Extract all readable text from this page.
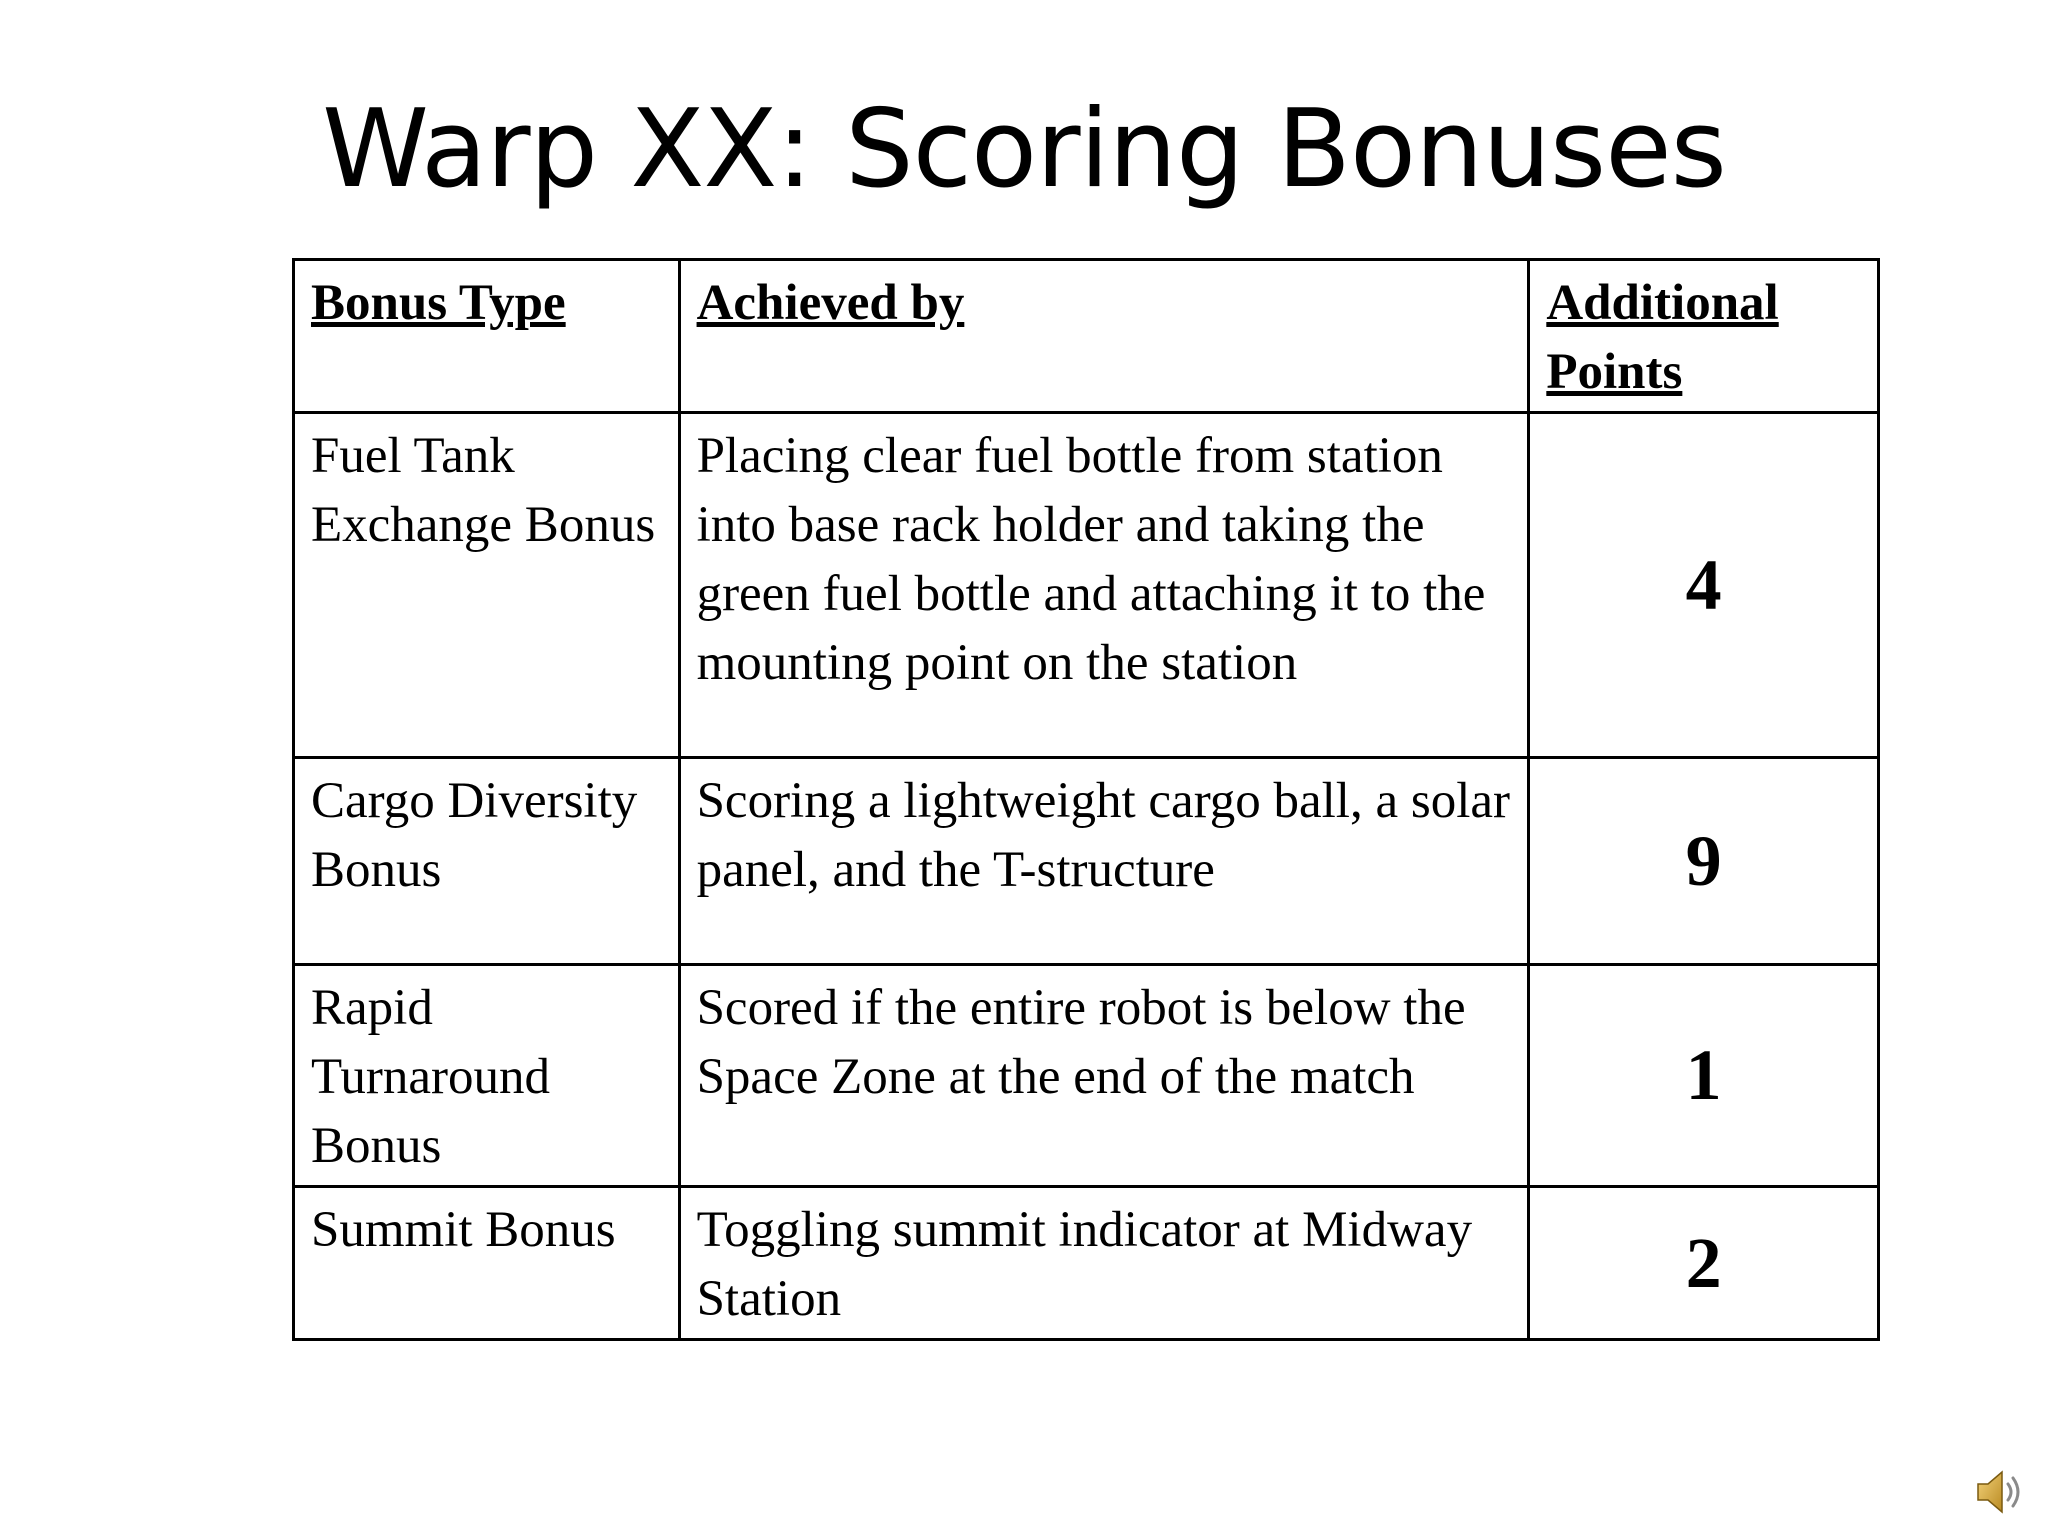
Warp XX: Scoring Bonuses
Bonus Type	Achieved by	Additional Points
Fuel Tank Exchange Bonus	Placing clear fuel bottle from station into base rack holder and taking the green fuel bottle and attaching it to the mounting point on the station	4
Cargo Diversity Bonus	Scoring a lightweight cargo ball, a solar panel, and the T-structure	9
Rapid Turnaround Bonus	Scored if the entire robot is below the Space Zone at the end of the match	1
Summit Bonus	Toggling summit indicator at Midway Station	2
